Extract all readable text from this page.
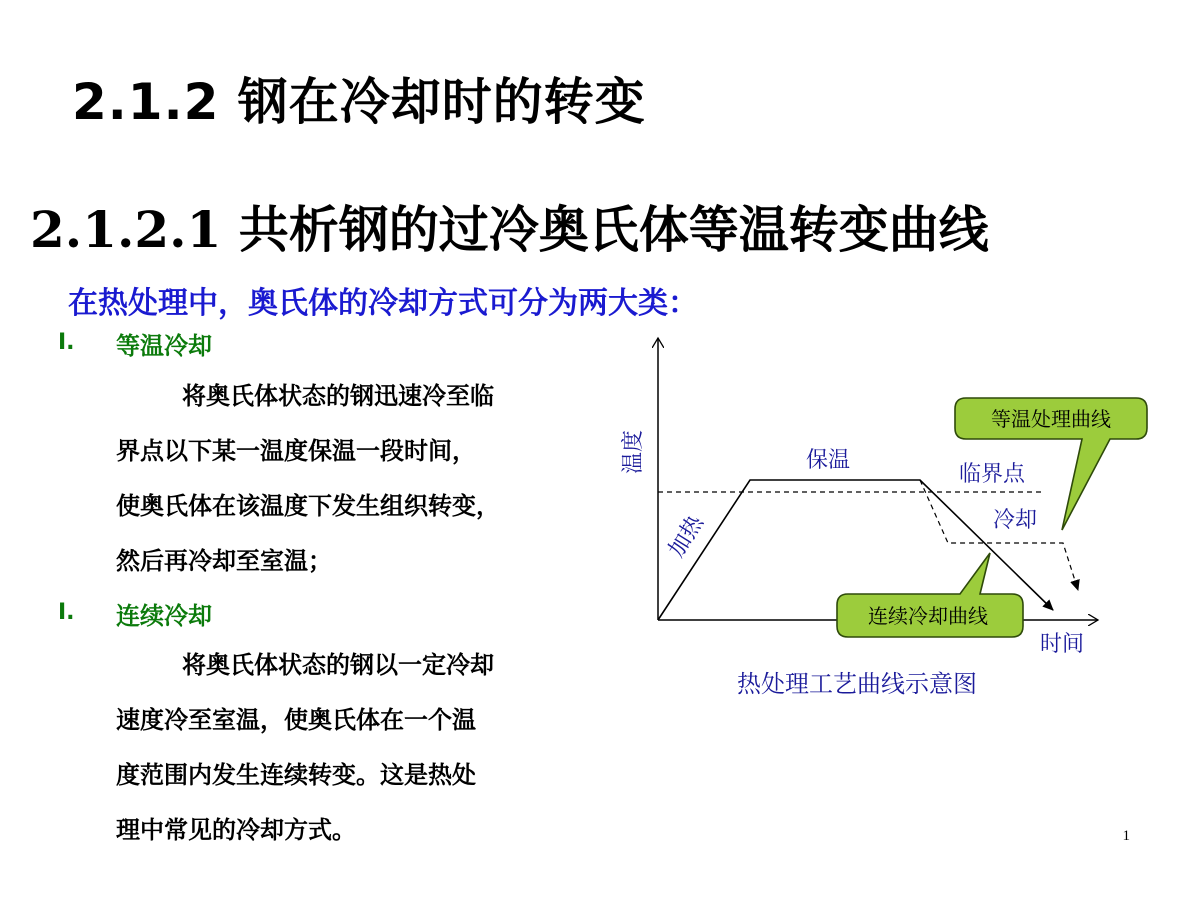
2.1.2 钢在冷却时的转变
2.1.2.1 共析钢的过冷奥氏体等温转变曲线
在热处理中，奥氏体的冷却方式可分为两大类：
I. 等温冷却
将奥氏体状态的钢迅速冷至临
界点以下某一温度保温一段时间，
使奥氏体在该温度下发生组织转变，
然后再冷却至室温；
I. 连续冷却
将奥氏体状态的钢以一定冷却
速度冷至室温，使奥氏体在一个温
度范围内发生连续转变。这是热处
理中常见的冷却方式。
等温处理曲线
连续冷却曲线
温度
加热
保温
临界点
冷却
时间
热处理工艺曲线示意图
1
